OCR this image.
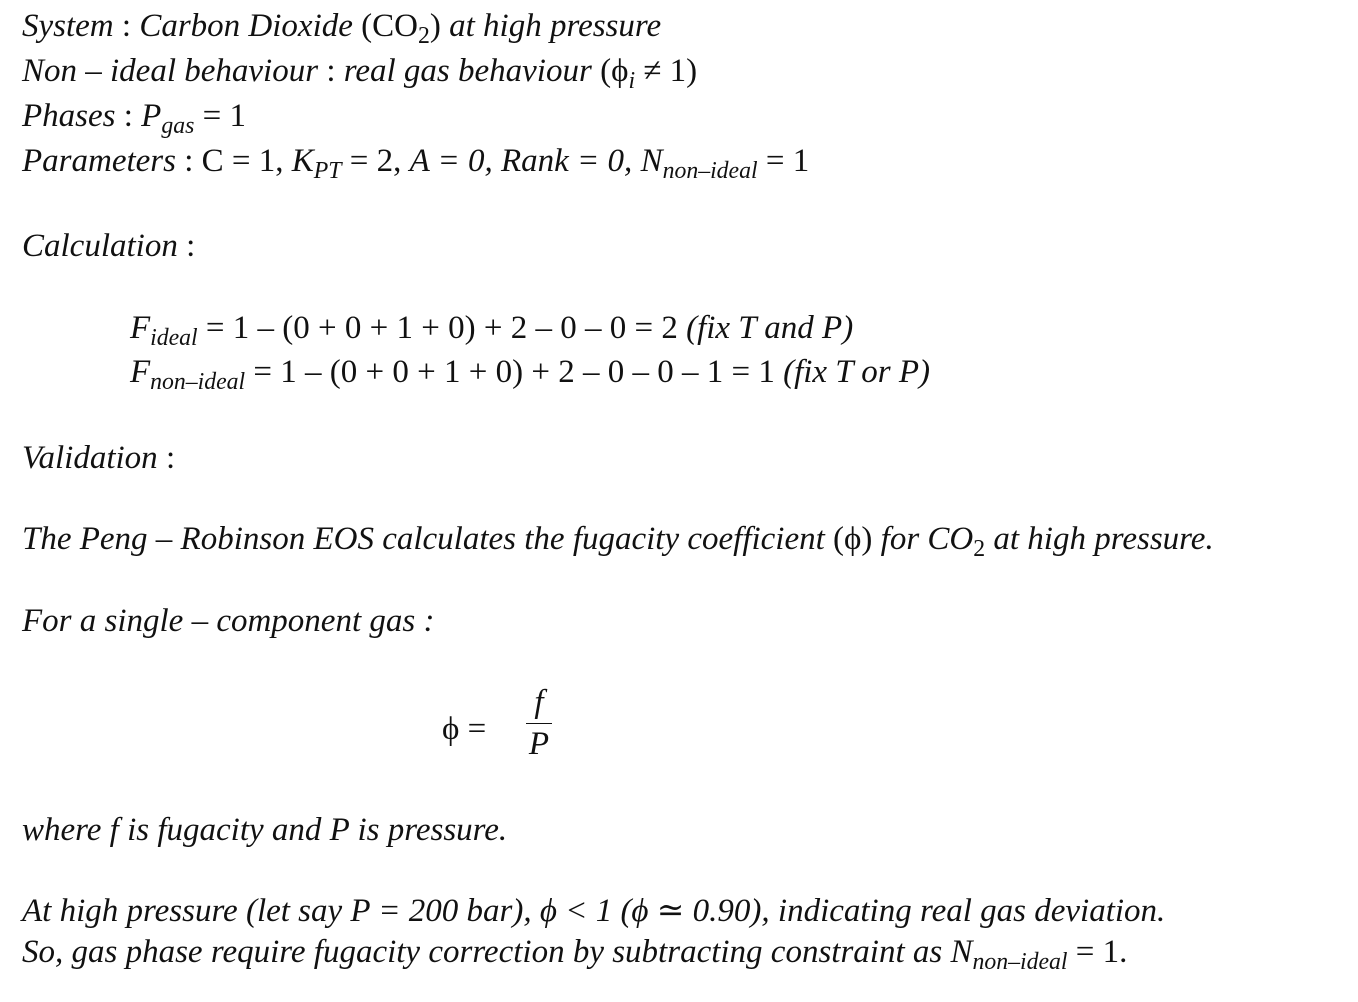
System : Carbon Dioxide $(CO_2)$ at high pressure
Non – ideal behaviour : real gas behaviour $(\phi_i \ne 1)$
Phases : $P_{gas} = 1$
Parameters : C = 1, $K_{PT} = 2$, A = 0, Rank = 0, $N_{non-ideal} = 1$
Calculation :
$F_{ideal} = 1 - (0 + 0 + 1 + 0) + 2 - 0 - 0 = 2$ (fix T and P)
$F_{non-ideal} = 1 - (0 + 0 + 1 + 0) + 2 - 0 - 0 - 1 = 1$ (fix T or P)
Validation :
The Peng – Robinson EOS calculates the fugacity coefficient (ϕ) for $CO_2$ at high pressure.
For a single – component gas :
ϕ =
f
P
where f is fugacity and P is pressure.
At high pressure (let say P = 200 bar), ϕ < 1 (ϕ ≃ 0.90), indicating real gas deviation.
So, gas phase require fugacity correction by subtracting constraint as $N_{non-ideal} = 1$.
